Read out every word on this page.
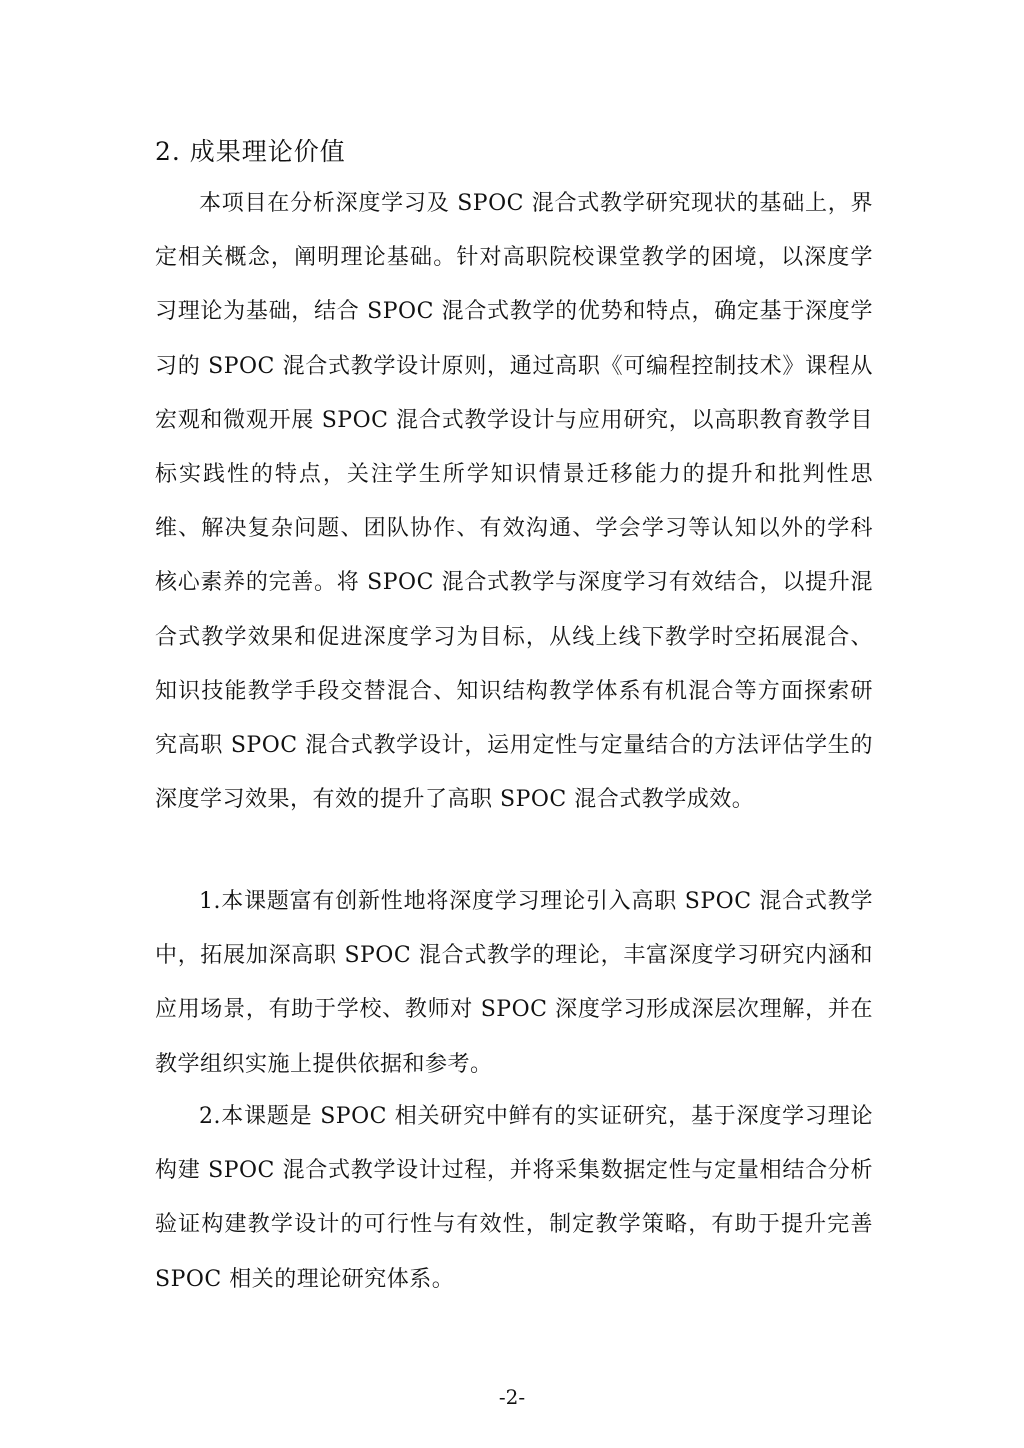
2. 成果理论价值

本项目在分析深度学习及 SPOC 混合式教学研究现状的基础上，界定相关概念，阐明理论基础。针对高职院校课堂教学的困境，以深度学习理论为基础，结合 SPOC 混合式教学的优势和特点，确定基于深度学习的 SPOC 混合式教学设计原则，通过高职《可编程控制技术》课程从宏观和微观开展 SPOC 混合式教学设计与应用研究，以高职教育教学目标实践性的特点，关注学生所学知识情景迁移能力的提升和批判性思维、解决复杂问题、团队协作、有效沟通、学会学习等认知以外的学科核心素养的完善。将 SPOC 混合式教学与深度学习有效结合，以提升混合式教学效果和促进深度学习为目标，从线上线下教学时空拓展混合、知识技能教学手段交替混合、知识结构教学体系有机混合等方面探索研究高职 SPOC 混合式教学设计，运用定性与定量结合的方法评估学生的深度学习效果，有效的提升了高职 SPOC 混合式教学成效。

1.本课题富有创新性地将深度学习理论引入高职 SPOC 混合式教学中，拓展加深高职 SPOC 混合式教学的理论，丰富深度学习研究内涵和应用场景，有助于学校、教师对 SPOC 深度学习形成深层次理解，并在教学组织实施上提供依据和参考。

2.本课题是 SPOC 相关研究中鲜有的实证研究，基于深度学习理论构建 SPOC 混合式教学设计过程，并将采集数据定性与定量相结合分析验证构建教学设计的可行性与有效性，制定教学策略，有助于提升完善 SPOC 相关的理论研究体系。

-2-
